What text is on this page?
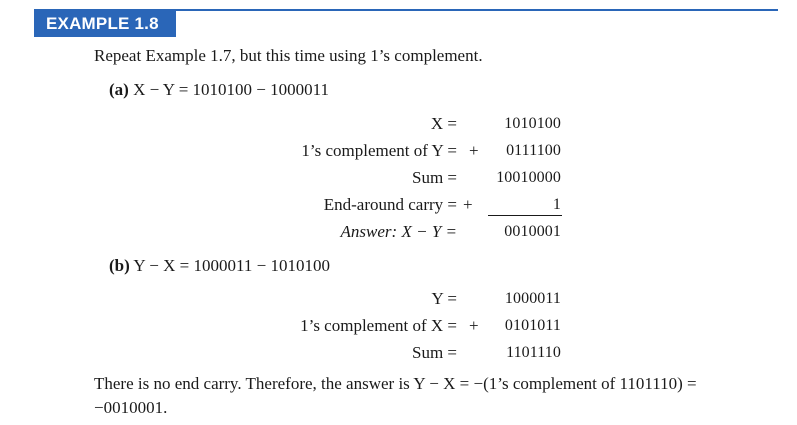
EXAMPLE 1.8
Repeat Example 1.7, but this time using 1’s complement.
(a) X − Y = 1010100 − 1000011
X =	1010100
1’s complement of Y = + 0111100
Sum = 10010000
End-around carry = +	1
Answer: X − Y =	0010001
(b) Y − X = 1000011 − 1010100
Y =	1000011
1’s complement of X = + 0101011
Sum =	1101110
There is no end carry. Therefore, the answer is Y − X = −(1’s complement of 1101110) =
−0010001.
